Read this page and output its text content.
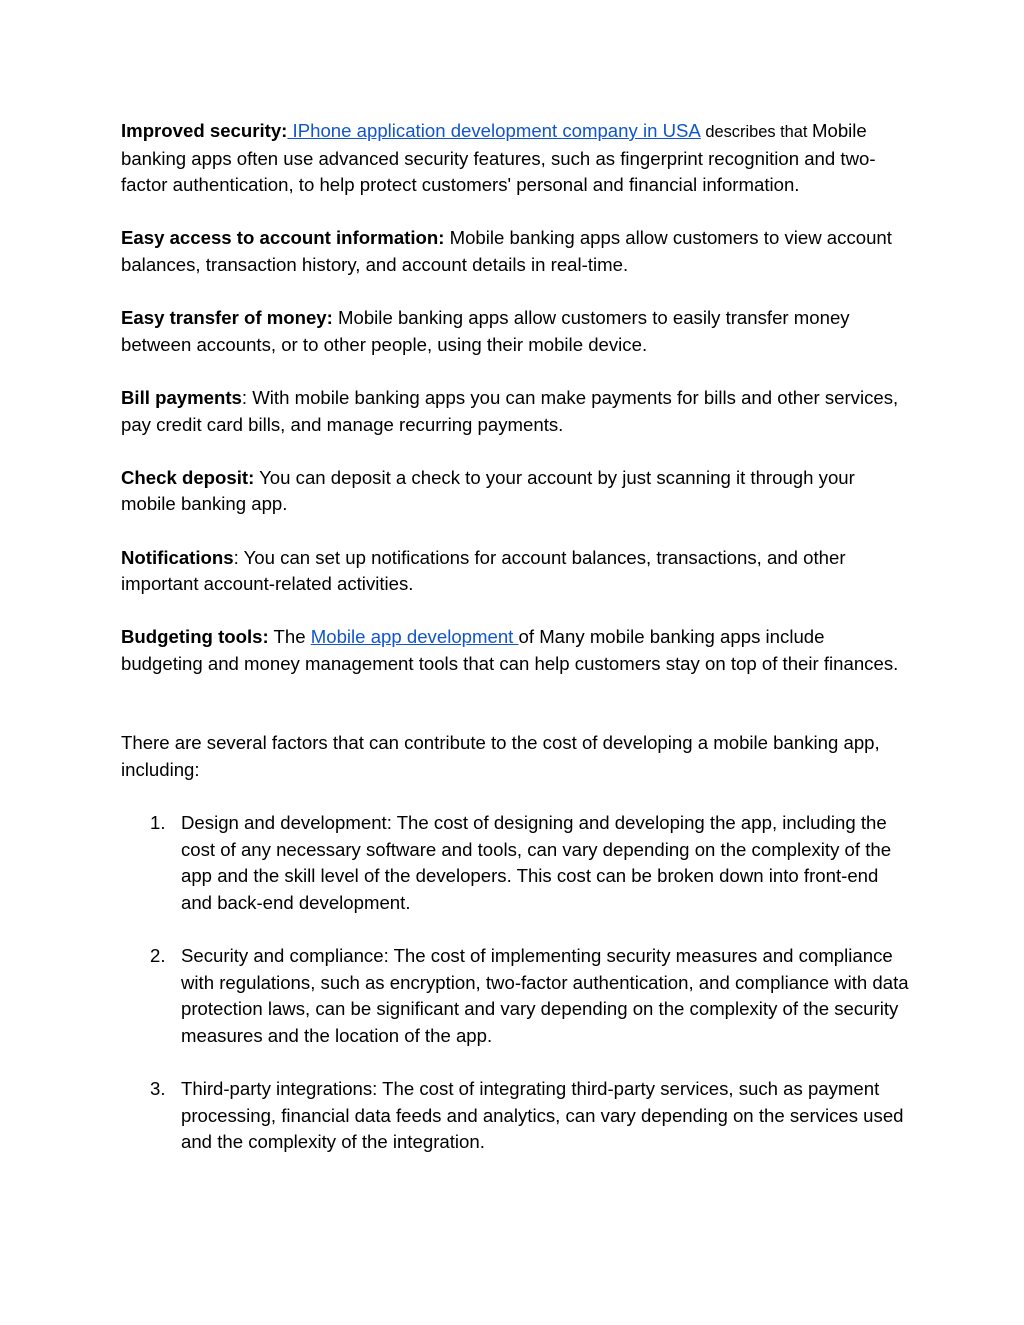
Improved security: IPhone application development company in USA describes that Mobile banking apps often use advanced security features, such as fingerprint recognition and two-factor authentication, to help protect customers' personal and financial information.

Easy access to account information: Mobile banking apps allow customers to view account balances, transaction history, and account details in real-time.

Easy transfer of money: Mobile banking apps allow customers to easily transfer money between accounts, or to other people, using their mobile device.

Bill payments: With mobile banking apps you can make payments for bills and other services, pay credit card bills, and manage recurring payments.

Check deposit: You can deposit a check to your account by just scanning it through your mobile banking app.

Notifications: You can set up notifications for account balances, transactions, and other important account-related activities.

Budgeting tools: The Mobile app development of Many mobile banking apps include budgeting and money management tools that can help customers stay on top of their finances.

There are several factors that can contribute to the cost of developing a mobile banking app, including:

1. Design and development: The cost of designing and developing the app, including the cost of any necessary software and tools, can vary depending on the complexity of the app and the skill level of the developers. This cost can be broken down into front-end and back-end development.
2. Security and compliance: The cost of implementing security measures and compliance with regulations, such as encryption, two-factor authentication, and compliance with data protection laws, can be significant and vary depending on the complexity of the security measures and the location of the app.
3. Third-party integrations: The cost of integrating third-party services, such as payment processing, financial data feeds and analytics, can vary depending on the services used and the complexity of the integration.
